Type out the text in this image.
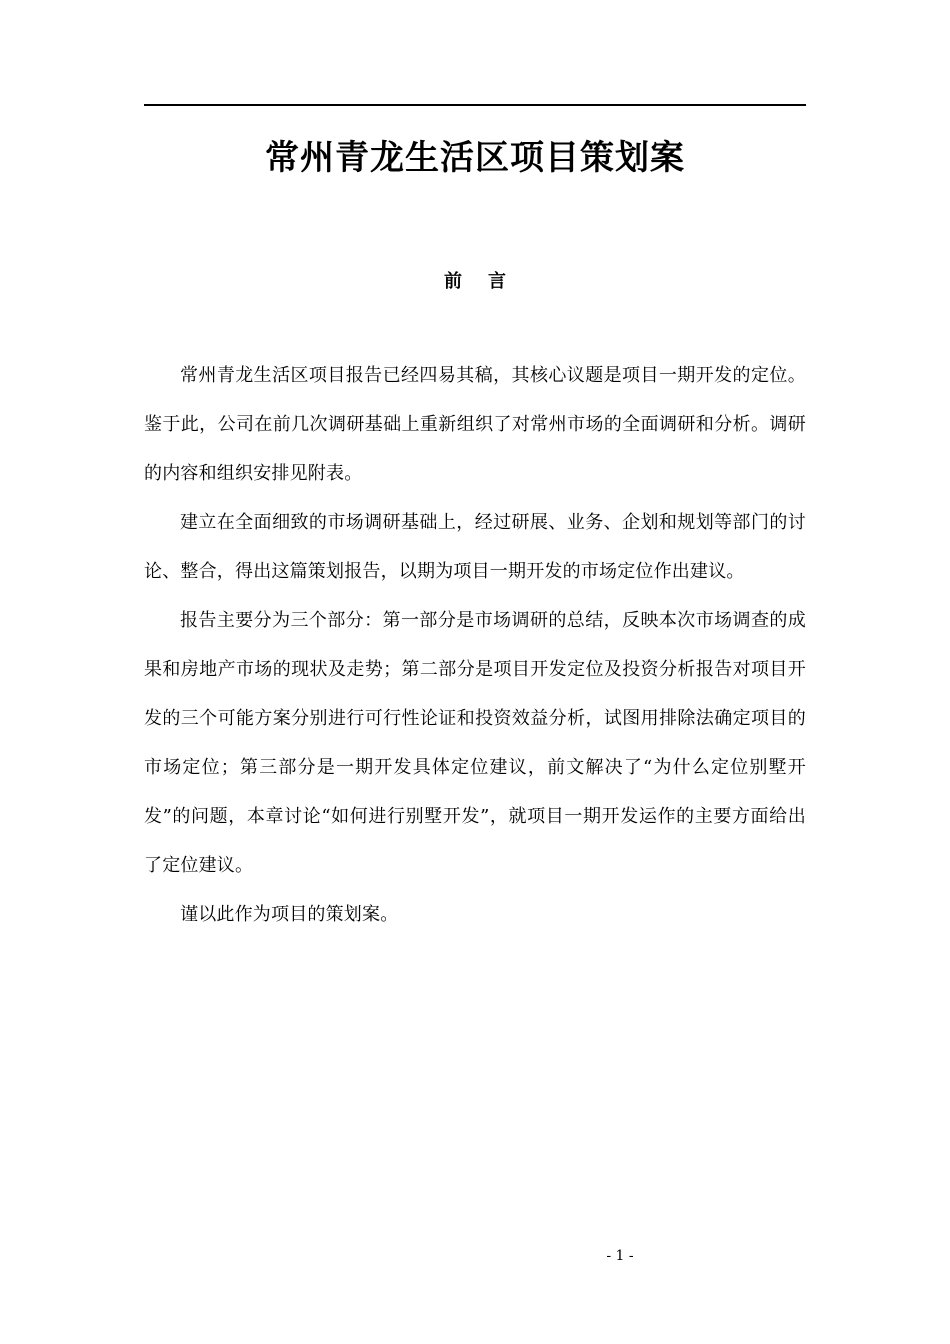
常州青龙生活区项目策划案
前 言

常州青龙生活区项目报告已经四易其稿，其核心议题是项目一期开发的定位。鉴于此，公司在前几次调研基础上重新组织了对常州市场的全面调研和分析。调研的内容和组织安排见附表。

建立在全面细致的市场调研基础上，经过研展、业务、企划和规划等部门的讨论、整合，得出这篇策划报告，以期为项目一期开发的市场定位作出建议。

报告主要分为三个部分：第一部分是市场调研的总结，反映本次市场调查的成果和房地产市场的现状及走势；第二部分是项目开发定位及投资分析报告对项目开发的三个可能方案分别进行可行性论证和投资效益分析，试图用排除法确定项目的市场定位；第三部分是一期开发具体定位建议，前文解决了“为什么定位别墅开发”的问题，本章讨论“如何进行别墅开发”，就项目一期开发运作的主要方面给出了定位建议。

谨以此作为项目的策划案。

- 1 -
